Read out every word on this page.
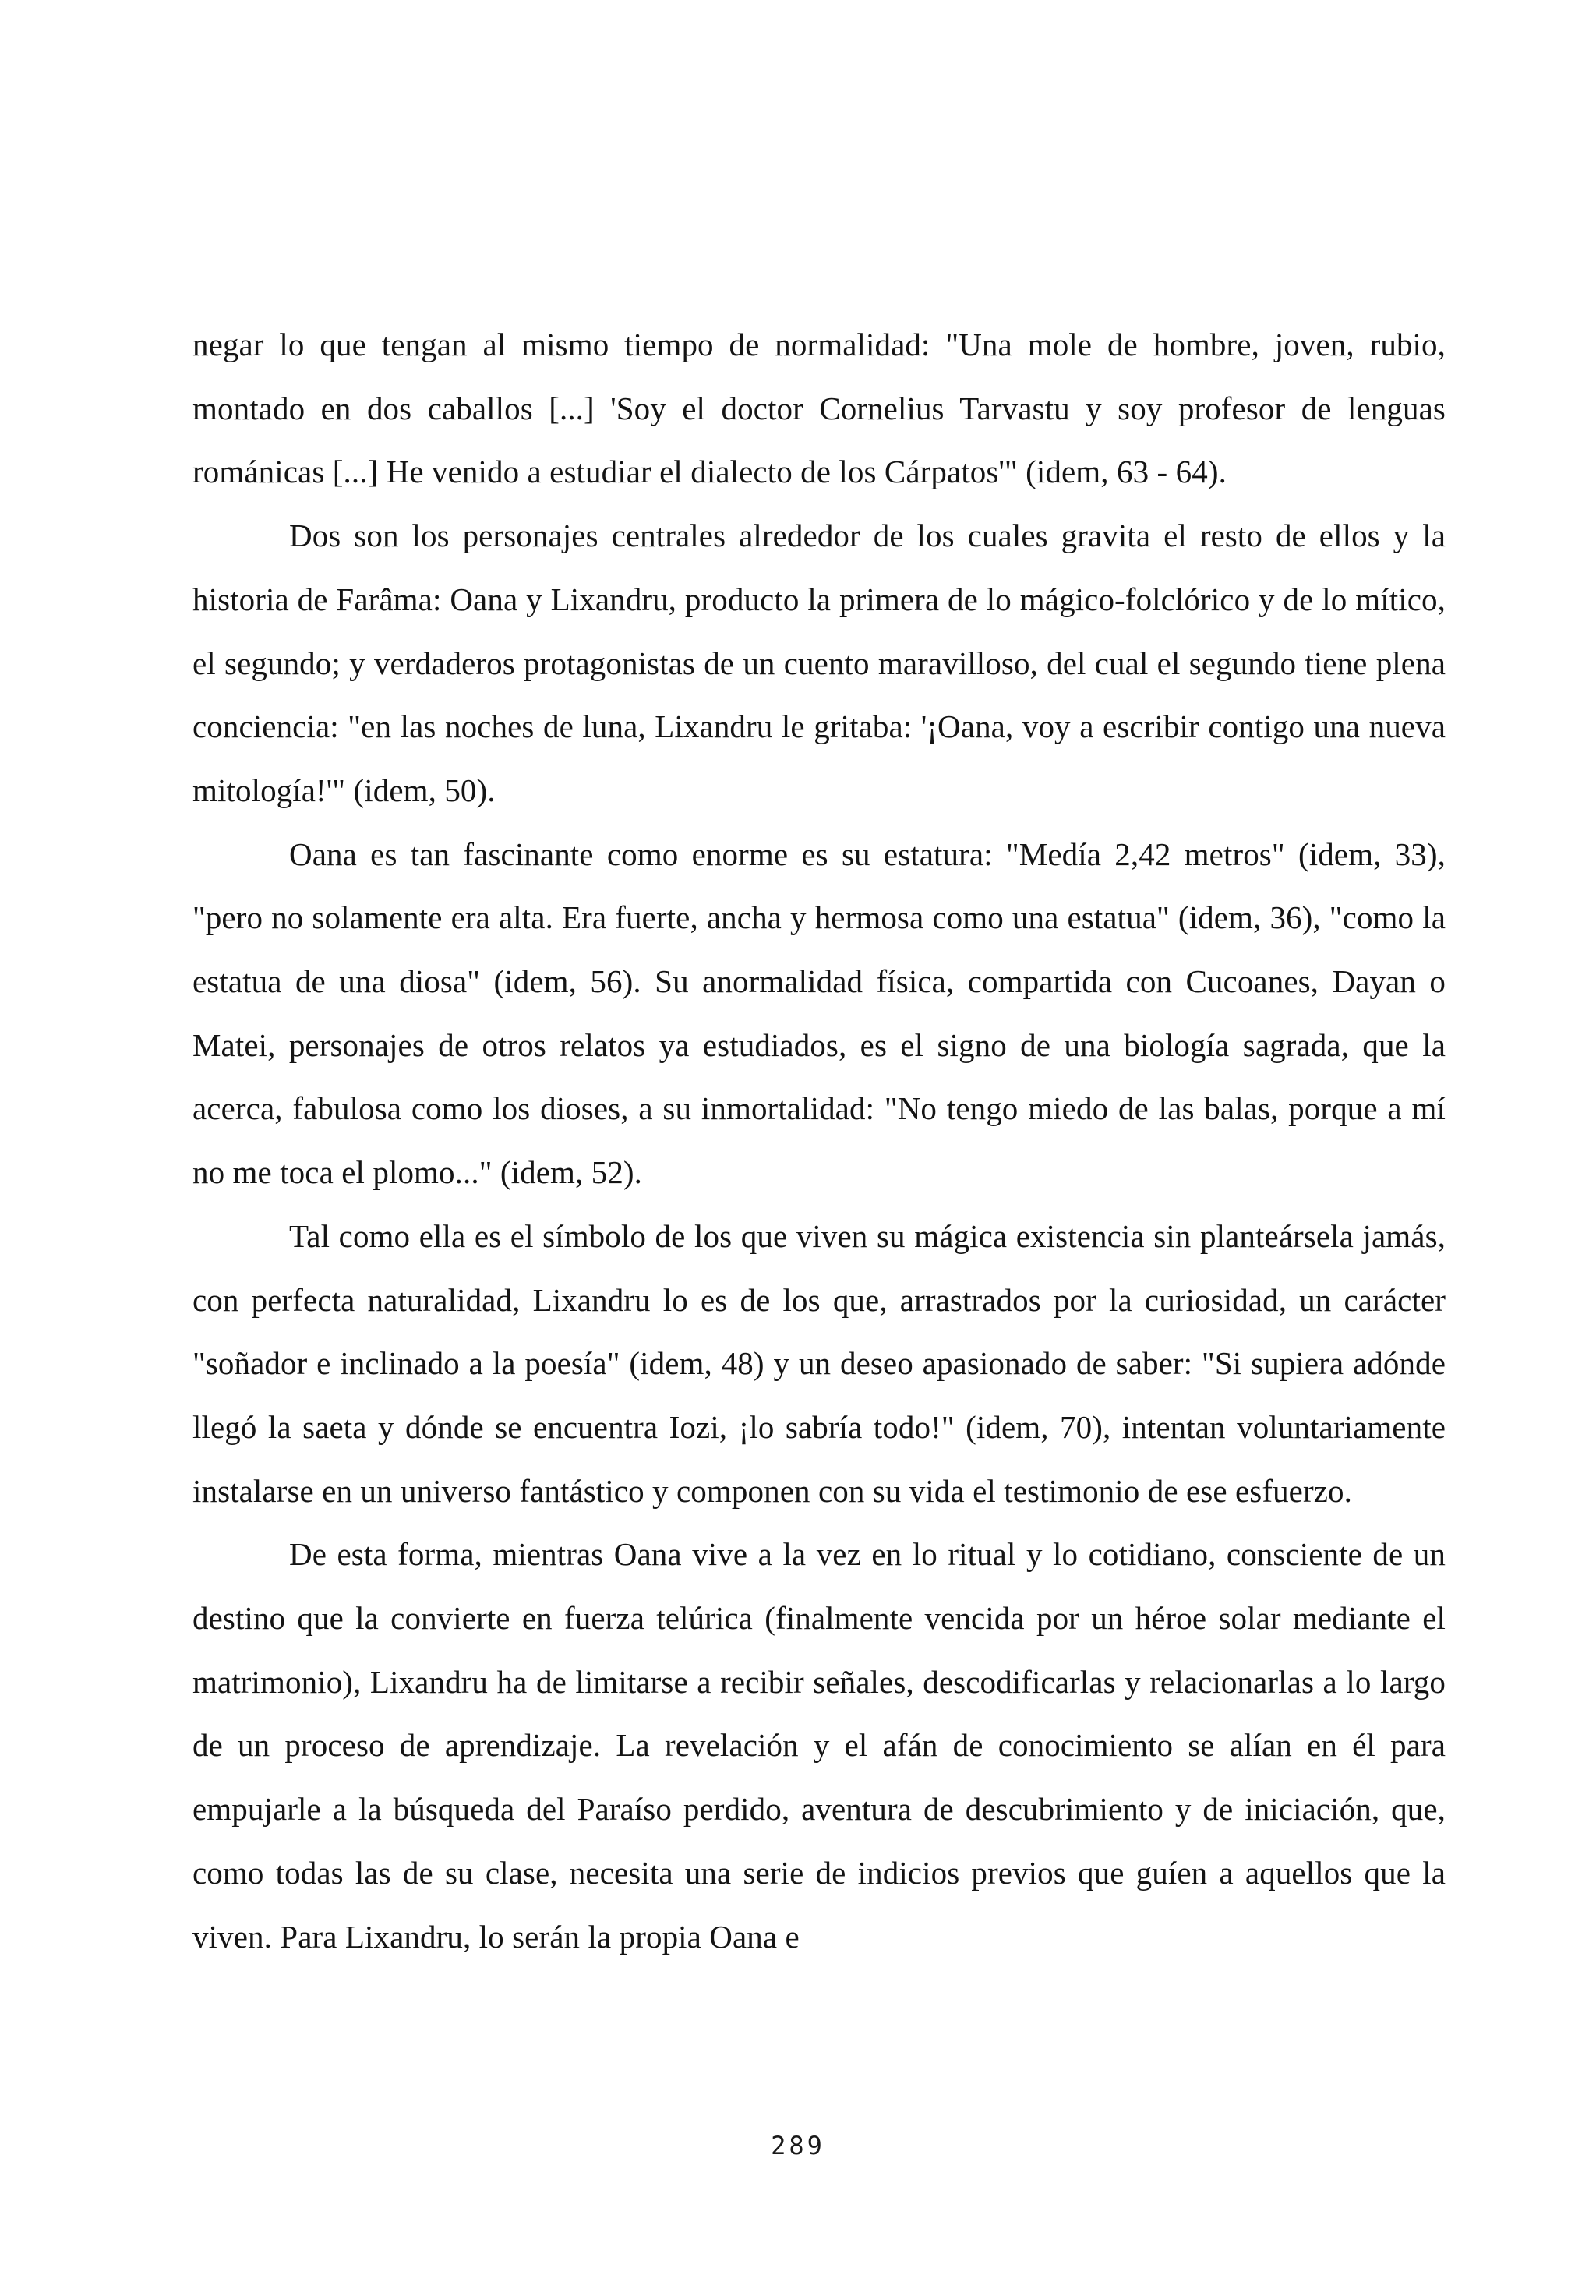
negar lo que tengan al mismo tiempo de normalidad: "Una mole de hombre, joven, rubio, montado en dos caballos [...] 'Soy el doctor Cornelius Tarvastu y soy profesor de lenguas románicas [...] He venido a estudiar el dialecto de los Cárpatos'" (idem, 63 - 64).

Dos son los personajes centrales alrededor de los cuales gravita el resto de ellos y la historia de Farâma: Oana y Lixandru, producto la primera de lo mágico-folclórico y de lo mítico, el segundo; y verdaderos protagonistas de un cuento maravilloso, del cual el segundo tiene plena conciencia: "en las noches de luna, Lixandru le gritaba: '¡Oana, voy a escribir contigo una nueva mitología!'" (idem, 50).

Oana es tan fascinante como enorme es su estatura: "Medía 2,42 metros" (idem, 33), "pero no solamente era alta. Era fuerte, ancha y hermosa como una estatua" (idem, 36), "como la estatua de una diosa" (idem, 56). Su anormalidad física, compartida con Cucoanes, Dayan o Matei, personajes de otros relatos ya estudiados, es el signo de una biología sagrada, que la acerca, fabulosa como los dioses, a su inmortalidad: "No tengo miedo de las balas, porque a mí no me toca el plomo..." (idem, 52).

Tal como ella es el símbolo de los que viven su mágica existencia sin planteársela jamás, con perfecta naturalidad, Lixandru lo es de los que, arrastrados por la curiosidad, un carácter "soñador e inclinado a la poesía" (idem, 48) y un deseo apasionado de saber: "Si supiera adónde llegó la saeta y dónde se encuentra Iozi, ¡lo sabría todo!" (idem, 70), intentan voluntariamente instalarse en un universo fantástico y componen con su vida el testimonio de ese esfuerzo.

De esta forma, mientras Oana vive a la vez en lo ritual y lo cotidiano, consciente de un destino que la convierte en fuerza telúrica (finalmente vencida por un héroe solar mediante el matrimonio), Lixandru ha de limitarse a recibir señales, descodificarlas y relacionarlas a lo largo de un proceso de aprendizaje. La revelación y el afán de conocimiento se alían en él para empujarle a la búsqueda del Paraíso perdido, aventura de descubrimiento y de iniciación, que, como todas las de su clase, necesita una serie de indicios previos que guíen a aquellos que la viven. Para Lixandru, lo serán la propia Oana e

289
